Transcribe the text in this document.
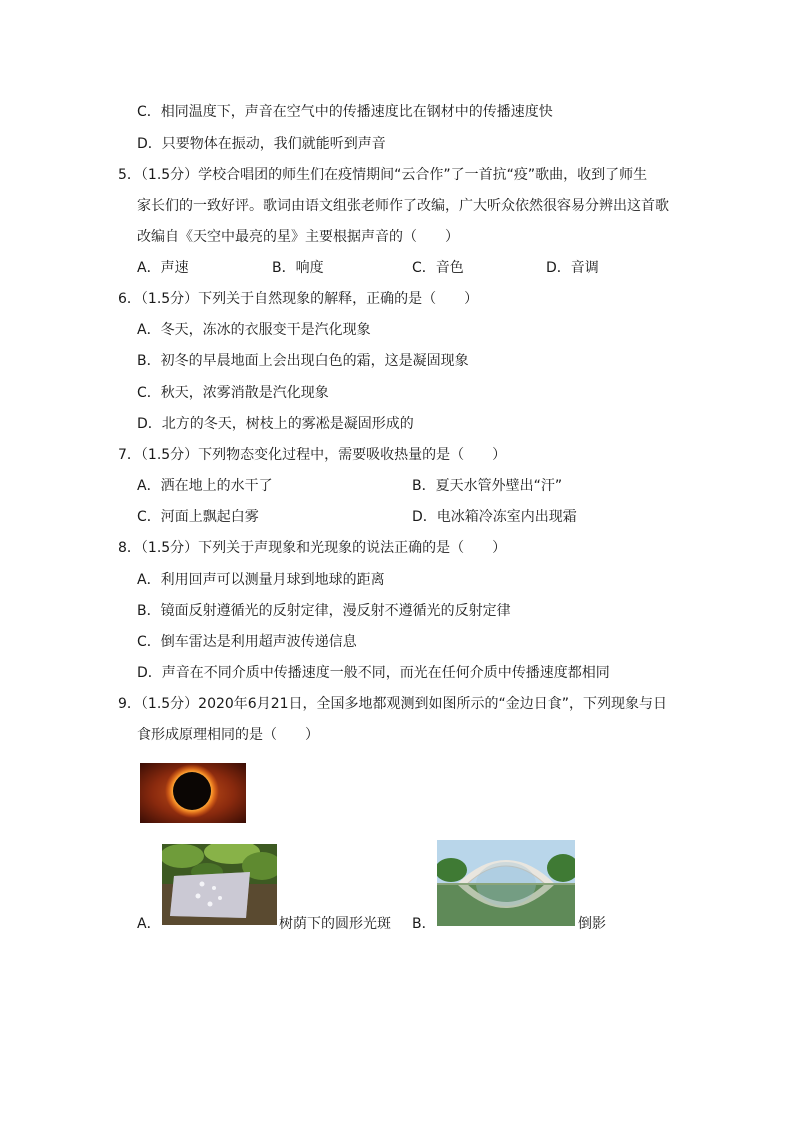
C．相同温度下，声音在空气中的传播速度比在钢材中的传播速度快
D．只要物体在振动，我们就能听到声音
5．（1.5分）学校合唱团的师生们在疫情期间“云合作”了一首抗“疫”歌曲，收到了师生
家长们的一致好评。歌词由语文组张老师作了改编，广大听众依然很容易分辨出这首歌
改编自《天空中最亮的星》主要根据声音的（　　）
A．声速	B．响度	C．音色	D．音调
6．（1.5分）下列关于自然现象的解释，正确的是（　　）
A．冬天，冻冰的衣服变干是汽化现象
B．初冬的早晨地面上会出现白色的霜，这是凝固现象
C．秋天，浓雾消散是汽化现象
D．北方的冬天，树枝上的雾凇是凝固形成的
7．（1.5分）下列物态变化过程中，需要吸收热量的是（　　）
A．洒在地上的水干了	B．夏天水管外壁出“汗”
C．河面上飘起白雾	D．电冰箱冷冻室内出现霜
8．（1.5分）下列关于声现象和光现象的说法正确的是（　　）
A．利用回声可以测量月球到地球的距离
B．镜面反射遵循光的反射定律，漫反射不遵循光的反射定律
C．倒车雷达是利用超声波传递信息
D．声音在不同介质中传播速度一般不同，而光在任何介质中传播速度都相同
9．（1.5分）2020年6月21日，全国多地都观测到如图所示的“金边日食”，下列现象与日
食形成原理相同的是（　　）
A．	树荫下的圆形光斑 B．	倒影
